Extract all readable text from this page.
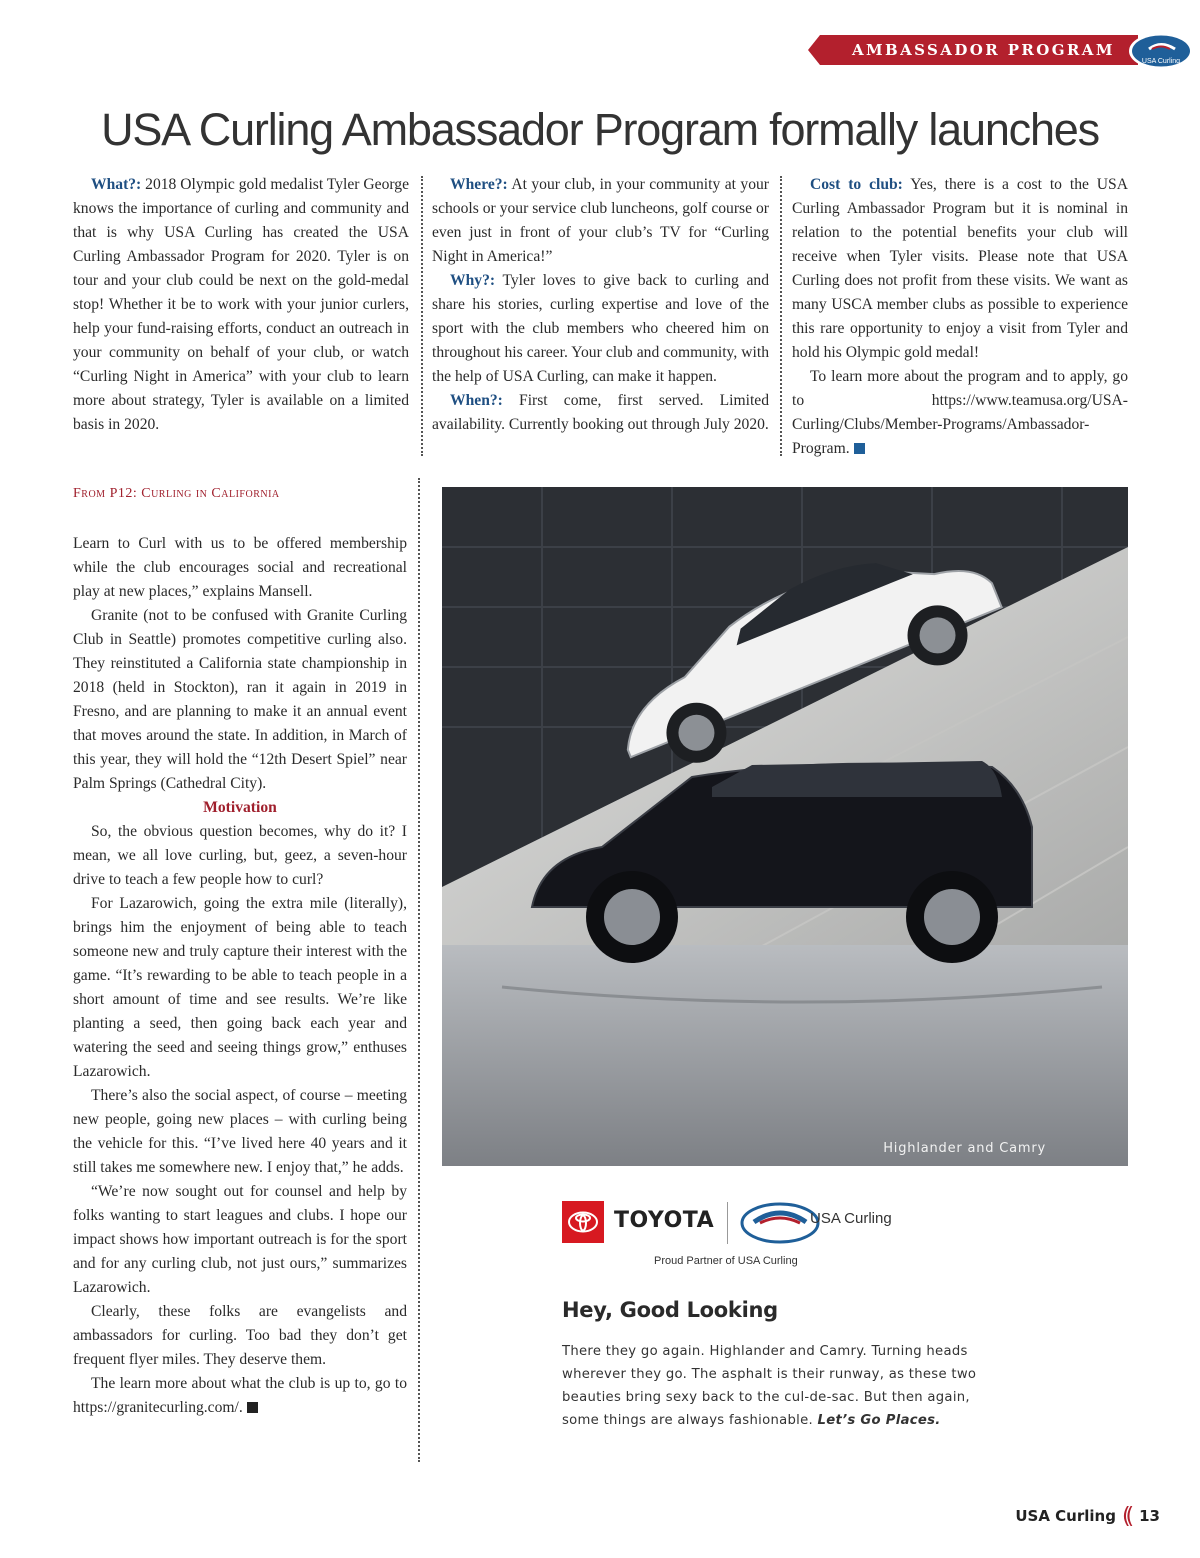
AMBASSADOR PROGRAM
USA Curling
USA Curling Ambassador Program formally launches

What?: 2018 Olympic gold medalist Tyler George knows the importance of curling and community and that is why USA Curling has created the USA Curling Ambassador Program for 2020. Tyler is on tour and your club could be next on the gold-medal stop! Whether it be to work with your junior curlers, help your fund-raising efforts, conduct an outreach in your community on behalf of your club, or watch “Curling Night in America” with your club to learn more about strategy, Tyler is available on a limited basis in 2020.

Where?: At your club, in your community at your schools or your service club luncheons, golf course or even just in front of your club’s TV for “Curling Night in America!”

Why?: Tyler loves to give back to curling and share his stories, curling expertise and love of the sport with the club members who cheered him on throughout his career. Your club and community, with the help of USA Curling, can make it happen.

When?: First come, first served. Limited availability. Currently booking out through July 2020.

Cost to club: Yes, there is a cost to the USA Curling Ambassador Program but it is nominal in relation to the potential benefits your club will receive when Tyler visits. Please note that USA Curling does not profit from these visits. We want as many USCA member clubs as possible to experience this rare opportunity to enjoy a visit from Tyler and hold his Olympic gold medal!

To learn more about the program and to apply, go to https://www.teamusa.org/USA-Curling/Clubs/Member-Programs/Ambassador-Program.

From P12: Curling in California

Learn to Curl with us to be offered membership while the club encourages social and recreational play at new places,” explains Mansell.

Granite (not to be confused with Granite Curling Club in Seattle) promotes competitive curling also. They reinstituted a California state championship in 2018 (held in Stockton), ran it again in 2019 in Fresno, and are planning to make it an annual event that moves around the state. In addition, in March of this year, they will hold the “12th Desert Spiel” near Palm Springs (Cathedral City).

Motivation

So, the obvious question becomes, why do it? I mean, we all love curling, but, geez, a seven-hour drive to teach a few people how to curl?

For Lazarowich, going the extra mile (literally), brings him the enjoyment of being able to teach someone new and truly capture their interest with the game. “It’s rewarding to be able to teach people in a short amount of time and see results. We’re like planting a seed, then going back each year and watering the seed and seeing things grow,” enthuses Lazarowich.

There’s also the social aspect, of course – meeting new people, going new places – with curling being the vehicle for this. “I’ve lived here 40 years and it still takes me somewhere new. I enjoy that,” he adds.

“We’re now sought out for counsel and help by folks wanting to start leagues and clubs. I hope our impact shows how important outreach is for the sport and for any curling club, not just ours,” summarizes Lazarowich.

Clearly, these folks are evangelists and ambassadors for curling. Too bad they don’t get frequent flyer miles. They deserve them.

The learn more about what the club is up to, go to https://granitecurling.com/.

Highlander and Camry
TOYOTA	USA Curling
Proud Partner of USA Curling
Hey, Good Looking
There they go again. Highlander and Camry. Turning heads wherever they go. The asphalt is their runway, as these two beauties bring sexy back to the cul-de-sac. But then again, some things are always fashionable. Let’s Go Places.
USA Curling (( 13
